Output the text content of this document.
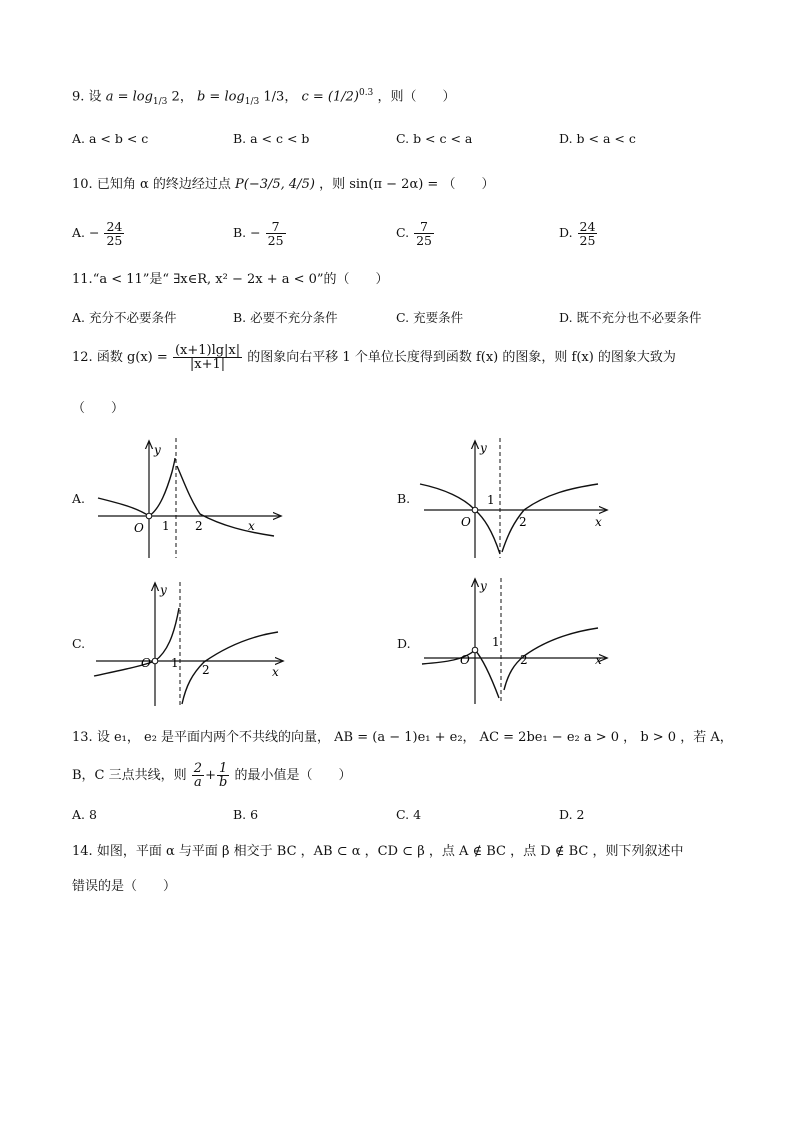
9. 设 $a = \log_{1/3} 2$， $b = \log_{1/3} 1/3$， $c = (1/2)^{0.3}$ ，则（　　）
A. a < b < c	B. a < c < b	C. b < c < a	D. b < a < c
10. 已知角 α 的终边经过点 P(−3/5, 4/5) ，则 sin(π − 2α) = （　　）
A. − $\frac{24}{25}$	B. − $\frac{7}{25}$	C. $\frac{7}{25}$	D. $\frac{24}{25}$
11.“a < 11”是“ ∃x∈R, x² − 2x + a < 0”的（　　）
A. 充分不必要条件	B. 必要不充分条件	C. 充要条件	D. 既不充分也不必要条件
12. 函数 $g(x) = \frac{(x+1)\lg|x|}{|x+1|}$ 的图象向右平移 1 个单位长度得到函数 f(x) 的图象，则 f(x) 的图象大致为
（　　）
A.
x
y
O 1 2
B.
x
y
O
1
2
C.
x
y
O 1 2
D.
x
y
O
1
2
13. 设 e₁， e₂ 是平面内两个不共线的向量， AB = (a − 1)e₁ + e₂， AC = 2be₁ − e₂ a > 0 ， b > 0 ，若 A，
B，C 三点共线，则 $\frac{2}{a} + \frac{1}{b}$ 的最小值是（　　）
A. 8	B. 6	C. 4	D. 2
14. 如图，平面 α 与平面 β 相交于 BC ，AB ⊂ α ，CD ⊂ β ，点 A ∉ BC ，点 D ∉ BC ，则下列叙述中
错误的是（　　）
